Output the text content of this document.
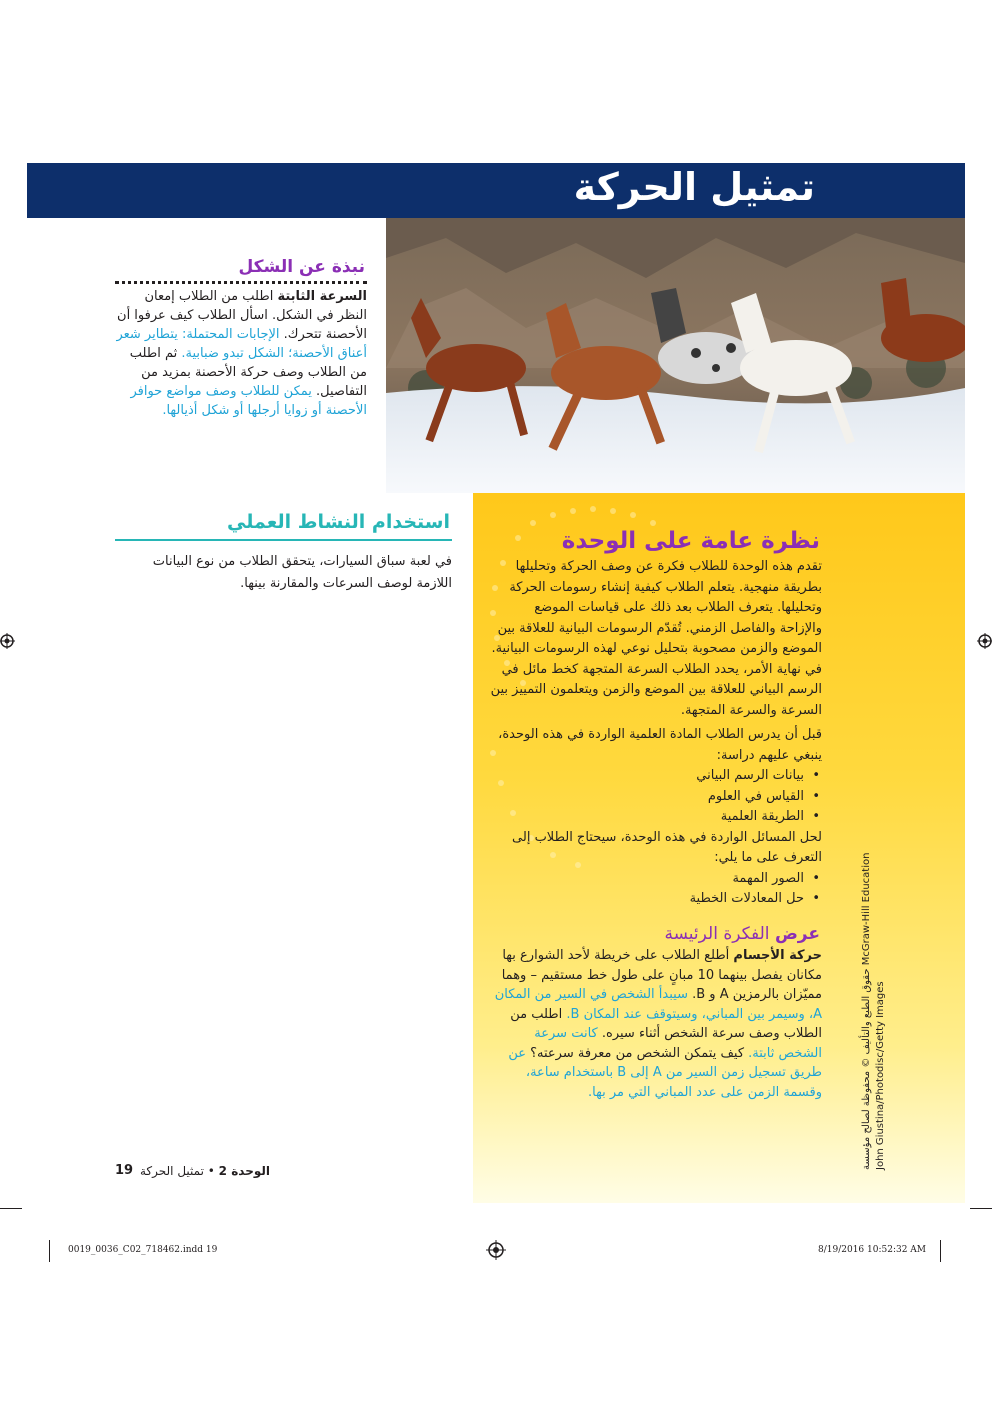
تمثيل الحركة
نبذة عن الشكل
السرعة الثابتة اطلب من الطلاب إمعان النظر في الشكل. اسأل الطلاب كيف عرفوا أن الأحصنة تتحرك. الإجابات المحتملة: يتطاير شعر أعناق الأحصنة؛ الشكل تبدو ضبابية. ثم اطلب من الطلاب وصف حركة الأحصنة بمزيد من التفاصيل. يمكن للطلاب وصف مواضع حوافر الأحصنة أو زوايا أرجلها أو شكل أذيالها.
استخدام النشاط العملي
في لعبة سباق السيارات، يتحقق الطلاب من نوع البيانات اللازمة لوصف السرعات والمقارنة بينها.
نظرة عامة على الوحدة

تقدم هذه الوحدة للطلاب فكرة عن وصف الحركة وتحليلها بطريقة منهجية. يتعلم الطلاب كيفية إنشاء رسومات الحركة وتحليلها. يتعرف الطلاب بعد ذلك على قياسات الموضع والإزاحة والفاصل الزمني. تُقدّم الرسومات البيانية للعلاقة بين الموضع والزمن مصحوبة بتحليل نوعي لهذه الرسومات البيانية. في نهاية الأمر، يحدد الطلاب السرعة المتجهة كخط مائل في الرسم البياني للعلاقة بين الموضع والزمن ويتعلمون التمييز بين السرعة والسرعة المتجهة.

قبل أن يدرس الطلاب المادة العلمية الواردة في هذه الوحدة، ينبغي عليهم دراسة:

• بيانات الرسم البياني
• القياس في العلوم
• الطريقة العلمية

لحل المسائل الواردة في هذه الوحدة، سيحتاج الطلاب إلى التعرف على ما يلي:

• الصور المهمة
• حل المعادلات الخطية
عرض الفكرة الرئيسة
حركة الأجسام أطلع الطلاب على خريطة لأحد الشوارع بها مكانان يفصل بينهما 10 مبانٍ على طول خط مستقيم – وهما مميّزان بالرمزين A و B. سيبدأ الشخص في السير من المكان A، وسيمر بين المباني، وسيتوقف عند المكان B. اطلب من الطلاب وصف سرعة الشخص أثناء سيره. كانت سرعة الشخص ثابتة. كيف يتمكن الشخص من معرفة سرعته؟ عن طريق تسجيل زمن السير من A إلى B باستخدام ساعة، وقسمة الزمن على عدد المباني التي مر بها.	حقوق الطبع والتأليف © محفوظة لصالح مؤسسة McGraw-Hill Education
John Giustina/Photodisc/Getty Images
19	الوحدة 2 • تمثيل الحركة
0019_0036_C02_718462.indd 19	8/19/2016 10:52:32 AM
